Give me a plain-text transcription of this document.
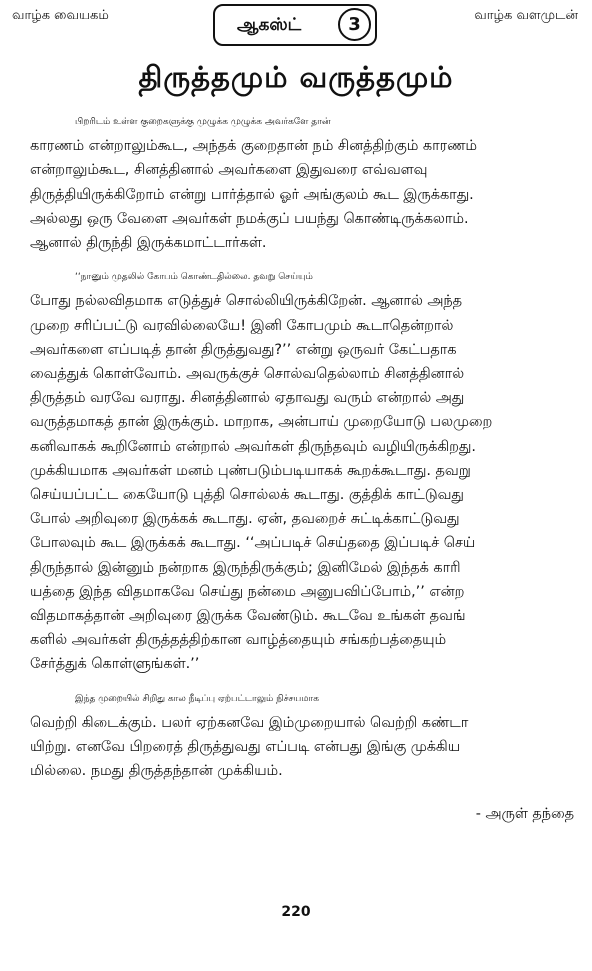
வாழ்க வையகம்	ஆகஸ்ட்	3	வாழ்க வளமுடன்
திருத்தமும் வருத்தமும்

பிறரிடம் உள்ள குறைகளுக்கு முழுக்க முழுக்க அவர்களே தான்

காரணம் என்றாலும்கூட, அந்தக் குறைதான் நம் சினத்திற்கும் காரணம்

என்றாலும்கூட, சினத்தினால் அவர்களை இதுவரை எவ்வளவு

திருத்தியிருக்கிறோம் என்று பார்த்தால் ஓர் அங்குலம் கூட இருக்காது.

அல்லது ஒரு வேளை அவர்கள் நமக்குப் பயந்து கொண்டிருக்கலாம்.

ஆனால் திருந்தி இருக்கமாட்டார்கள்.

‘‘நானும் முதலில் கோபம் கொண்டதில்லை. தவறு செய்யும்

போது நல்லவிதமாக எடுத்துச் சொல்லியிருக்கிறேன். ஆனால் அந்த

முறை சரிப்பட்டு வரவில்லையே! இனி கோபமும் கூடாதென்றால்

அவர்களை எப்படித் தான் திருத்துவது?’’ என்று ஒருவர் கேட்பதாக

வைத்துக் கொள்வோம். அவருக்குச் சொல்வதெல்லாம் சினத்தினால்

திருத்தம் வரவே வராது. சினத்தினால் ஏதாவது வரும் என்றால் அது

வருத்தமாகத் தான் இருக்கும். மாறாக, அன்பாய் முறையோடு பலமுறை

கனிவாகக் கூறினோம் என்றால் அவர்கள் திருந்தவும் வழியிருக்கிறது.

முக்கியமாக அவர்கள் மனம் புண்படும்படியாகக் கூறக்கூடாது. தவறு

செய்யப்பட்ட கையோடு புத்தி சொல்லக் கூடாது. குத்திக் காட்டுவது

போல் அறிவுரை இருக்கக் கூடாது. ஏன், தவறைச் சுட்டிக்காட்டுவது

போலவும் கூட இருக்கக் கூடாது. ‘‘அப்படிச் செய்ததை இப்படிச் செய்

திருந்தால் இன்னும் நன்றாக இருந்திருக்கும்; இனிமேல் இந்தக் காரி

யத்தை இந்த விதமாகவே செய்து நன்மை அனுபவிப்போம்,’’ என்ற

விதமாகத்தான் அறிவுரை இருக்க வேண்டும். கூடவே உங்கள் தவங்

களில் அவர்கள் திருத்தத்திற்கான வாழ்த்தையும் சங்கற்பத்தையும்

சேர்த்துக் கொள்ளுங்கள்.’’

இந்த முறையில் சிறிது கால நீடிப்பு ஏற்பட்டாலும் நிச்சயமாக

வெற்றி கிடைக்கும். பலர் ஏற்கனவே இம்முறையால் வெற்றி கண்டா

யிற்று. எனவே பிறரைத் திருத்துவது எப்படி என்பது இங்கு முக்கிய

மில்லை. நமது திருத்தந்தான் முக்கியம்.

- அருள் தந்தை
220
